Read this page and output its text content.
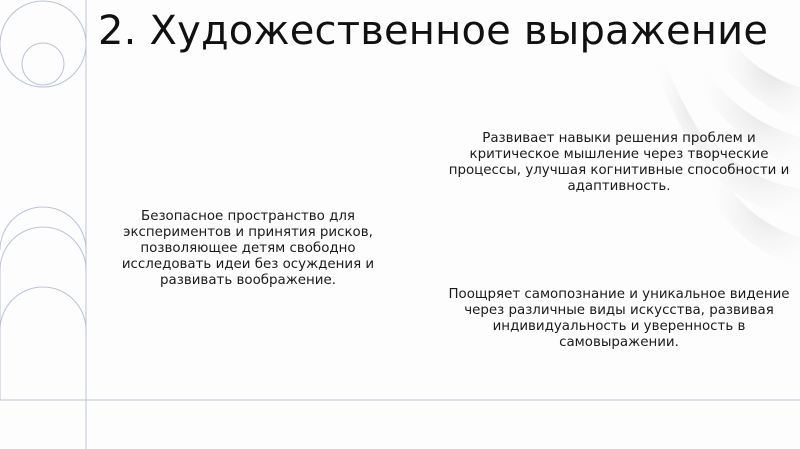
2. Художественное выражение
Безопасное пространство для экспериментов и принятия рисков, позволяющее детям свободно исследовать идеи без осуждения и развивать воображение.
Развивает навыки решения проблем и критическое мышление через творческие процессы, улучшая когнитивные способности и адаптивность.
Поощряет самопознание и уникальное видение через различные виды искусства, развивая индивидуальность и уверенность в самовыражении.
